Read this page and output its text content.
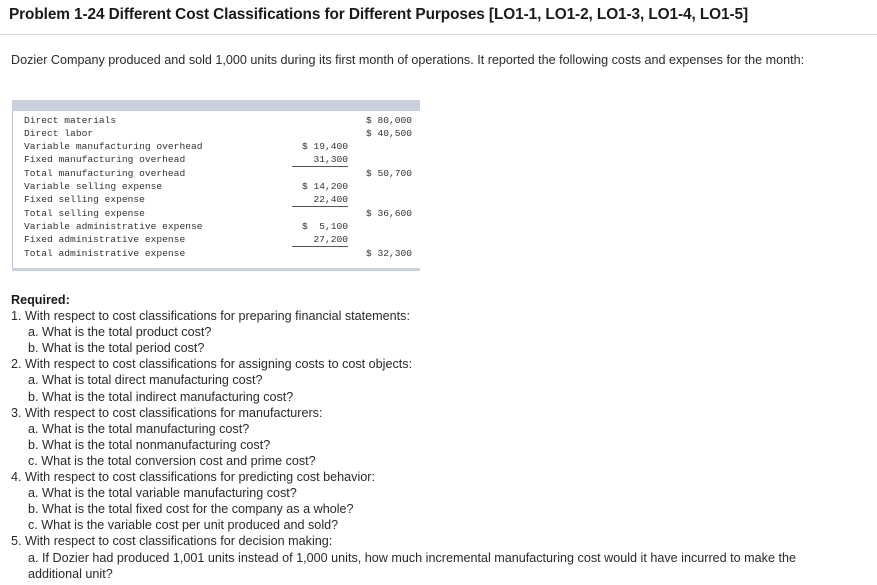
Problem 1-24 Different Cost Classifications for Different Purposes [LO1-1, LO1-2, LO1-3, LO1-4, LO1-5]
Dozier Company produced and sold 1,000 units during its first month of operations. It reported the following costs and expenses for the month:
Direct materials	$ 80,000
Direct labor	$ 40,500
Variable manufacturing overhead	$ 19,400
Fixed manufacturing overhead	31,300
Total manufacturing overhead	$ 50,700
Variable selling expense	$ 14,200
Fixed selling expense	22,400
Total selling expense	$ 36,600
Variable administrative expense	$  5,100
Fixed administrative expense	27,200
Total administrative expense	$ 32,300
Required:
1. With respect to cost classifications for preparing financial statements:
a. What is the total product cost?
b. What is the total period cost?
2. With respect to cost classifications for assigning costs to cost objects:
a. What is total direct manufacturing cost?
b. What is the total indirect manufacturing cost?
3. With respect to cost classifications for manufacturers:
a. What is the total manufacturing cost?
b. What is the total nonmanufacturing cost?
c. What is the total conversion cost and prime cost?
4. With respect to cost classifications for predicting cost behavior:
a. What is the total variable manufacturing cost?
b. What is the total fixed cost for the company as a whole?
c. What is the variable cost per unit produced and sold?
5. With respect to cost classifications for decision making:
a. If Dozier had produced 1,001 units instead of 1,000 units, how much incremental manufacturing cost would it have incurred to make the additional unit?
